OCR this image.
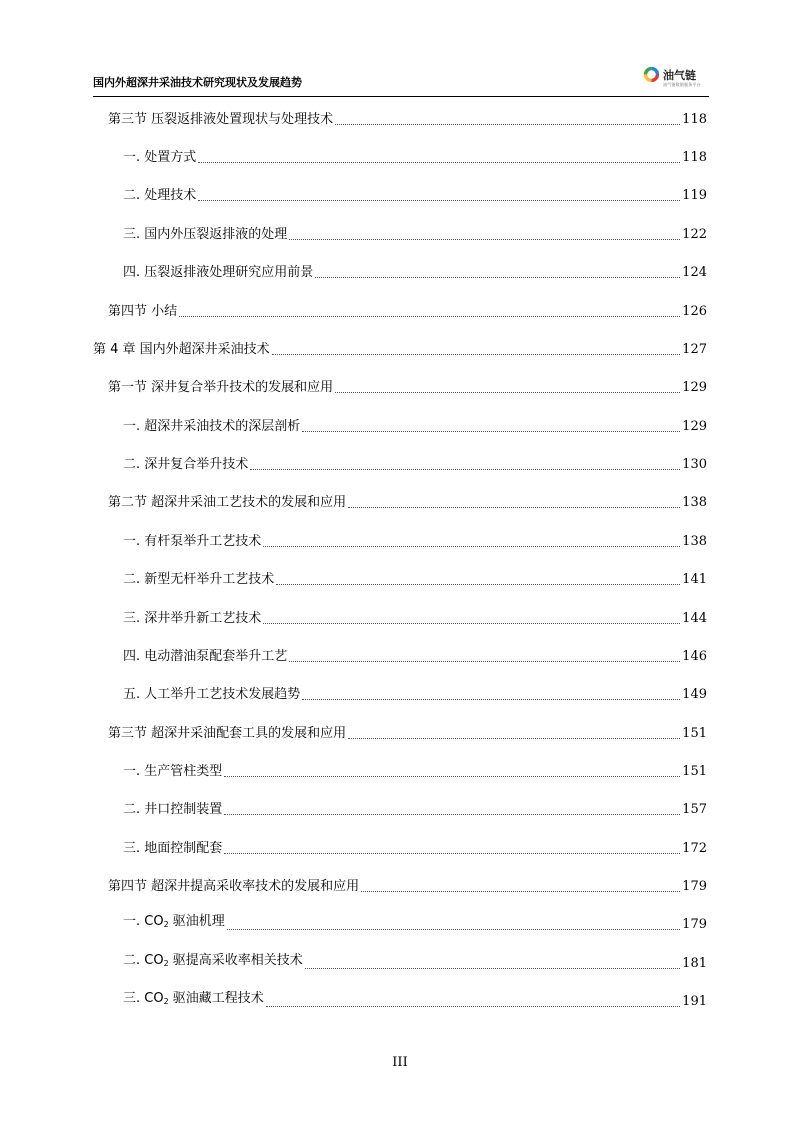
国内外超深井采油技术研究现状及发展趋势
油气链
油气链数据服务平台
第三节 压裂返排液处置现状与处理技术	118
一. 处置方式	118
二. 处理技术	119
三. 国内外压裂返排液的处理	122
四. 压裂返排液处理研究应用前景	124
第四节 小结	126
第 4 章 国内外超深井采油技术	127
第一节 深井复合举升技术的发展和应用	129
一. 超深井采油技术的深层剖析	129
二. 深井复合举升技术	130
第二节 超深井采油工艺技术的发展和应用	138
一. 有杆泵举升工艺技术	138
二. 新型无杆举升工艺技术	141
三. 深井举升新工艺技术	144
四. 电动潜油泵配套举升工艺	146
五. 人工举升工艺技术发展趋势	149
第三节 超深井采油配套工具的发展和应用	151
一. 生产管柱类型	151
二. 井口控制装置	157
三. 地面控制配套	172
第四节 超深井提高采收率技术的发展和应用	179
一. $CO_2$ 驱油机理	179
二. $CO_2$ 驱提高采收率相关技术	181
三. $CO_2$ 驱油藏工程技术	191
III
